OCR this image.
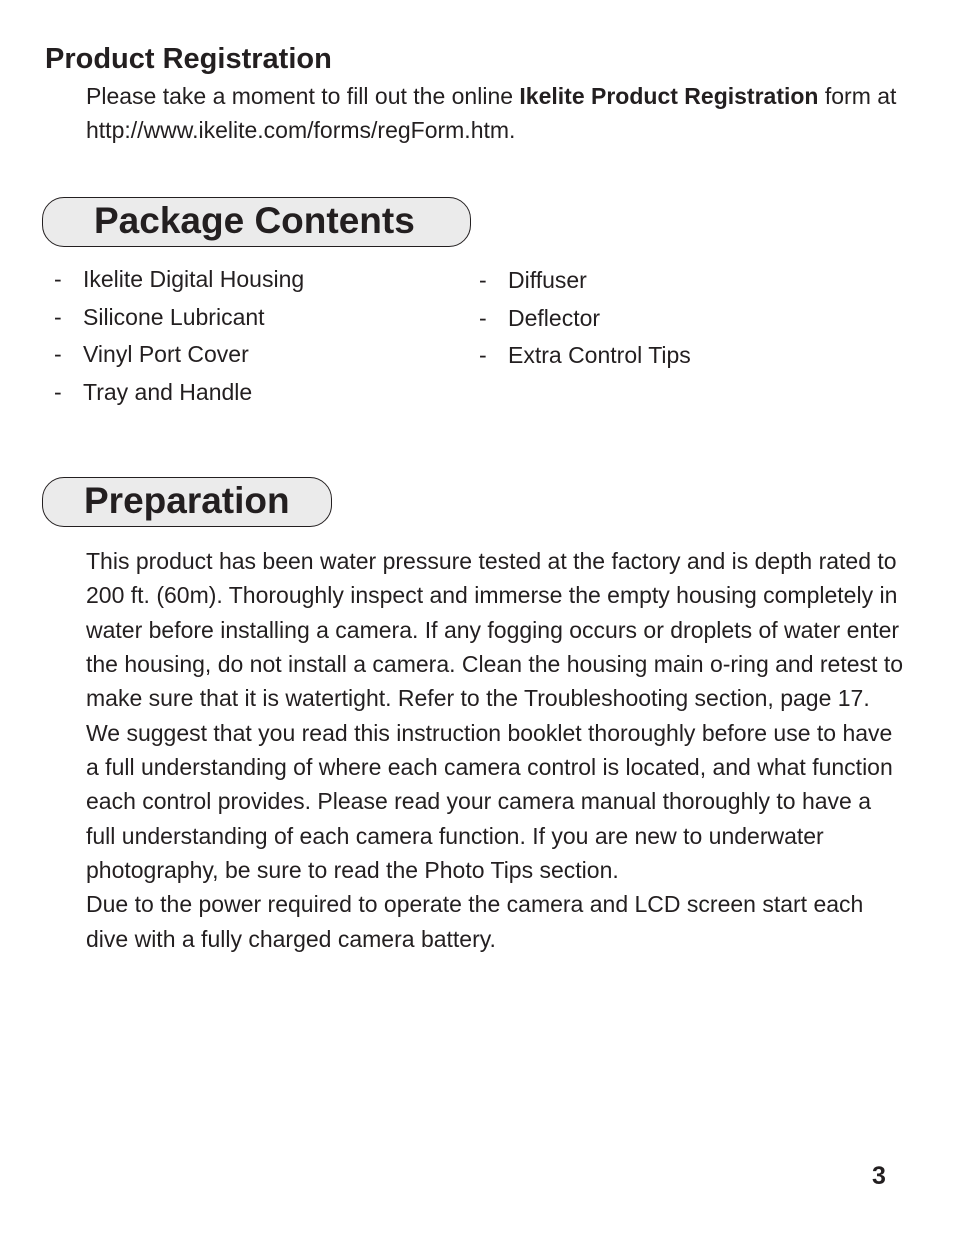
Product Registration
Please take a moment to fill out the online Ikelite Product Registration form at http://www.ikelite.com/forms/regForm.htm.
Package Contents
- Ikelite Digital Housing
- Silicone Lubricant
- Vinyl Port Cover
- Tray and Handle
- Diffuser
- Deflector
- Extra Control Tips
Preparation

This product has been water pressure tested at the factory and is depth rated to 200 ft. (60m). Thoroughly inspect and immerse the empty housing completely in water before installing a camera. If any fogging occurs or droplets of water enter the housing, do not install a camera. Clean the housing main o-ring and retest to make sure that it is watertight. Refer to the Troubleshooting section, page 17.

We suggest that you read this instruction booklet thoroughly before use to have a full understanding of where each camera control is located, and what function each control provides. Please read your camera manual thoroughly to have a full understanding of each camera function. If you are new to underwater photography, be sure to read the Photo Tips section.

Due to the power required to operate the camera and LCD screen start each dive with a fully charged camera battery.

3
